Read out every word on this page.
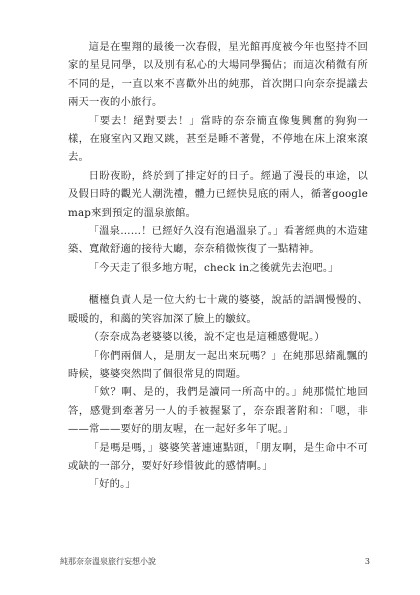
這是在聖翔的最後一次春假，星光館再度被今年也堅持不回家的星見同學，以及別有私心的大場同學獨佔；而這次稍微有所不同的是，一直以來不喜歡外出的純那，首次開口向奈奈提議去兩天一夜的小旅行。

「要去！絕對要去！」當時的奈奈簡直像隻興奮的狗狗一樣，在寢室內又跑又跳，甚至是睡不著覺，不停地在床上滾來滾去。

日盼夜盼，終於到了排定好的日子。經過了漫長的車途，以及假日時的觀光人潮洗禮，體力已經快見底的兩人，循著google map來到預定的溫泉旅館。

「溫泉……！已經好久沒有泡過溫泉了。」看著經典的木造建築、寬敞舒適的接待大廳，奈奈稍微恢復了一點精神。

「今天走了很多地方呢，check in之後就先去泡吧。」

櫃檯負責人是一位大約七十歲的婆婆，說話的語調慢慢的、暖暖的，和藹的笑容加深了臉上的皺紋。

（奈奈成為老婆婆以後，說不定也是這種感覺呢。）

「你們兩個人，是朋友一起出來玩嗎？」在純那思緒亂飄的時候，婆婆突然問了個很常見的問題。

「欸？啊、是的，我們是讀同一所高中的。」純那慌忙地回答，感覺到牽著另一人的手被握緊了，奈奈跟著附和：「嗯，非——常——要好的朋友喔，在一起好多年了呢。」

「是嗎是嗎，」婆婆笑著連連點頭，「朋友啊，是生命中不可或缺的一部分，要好好珍惜彼此的感情啊。」

「好的。」

純那奈奈溫泉旅行妄想小說	3
